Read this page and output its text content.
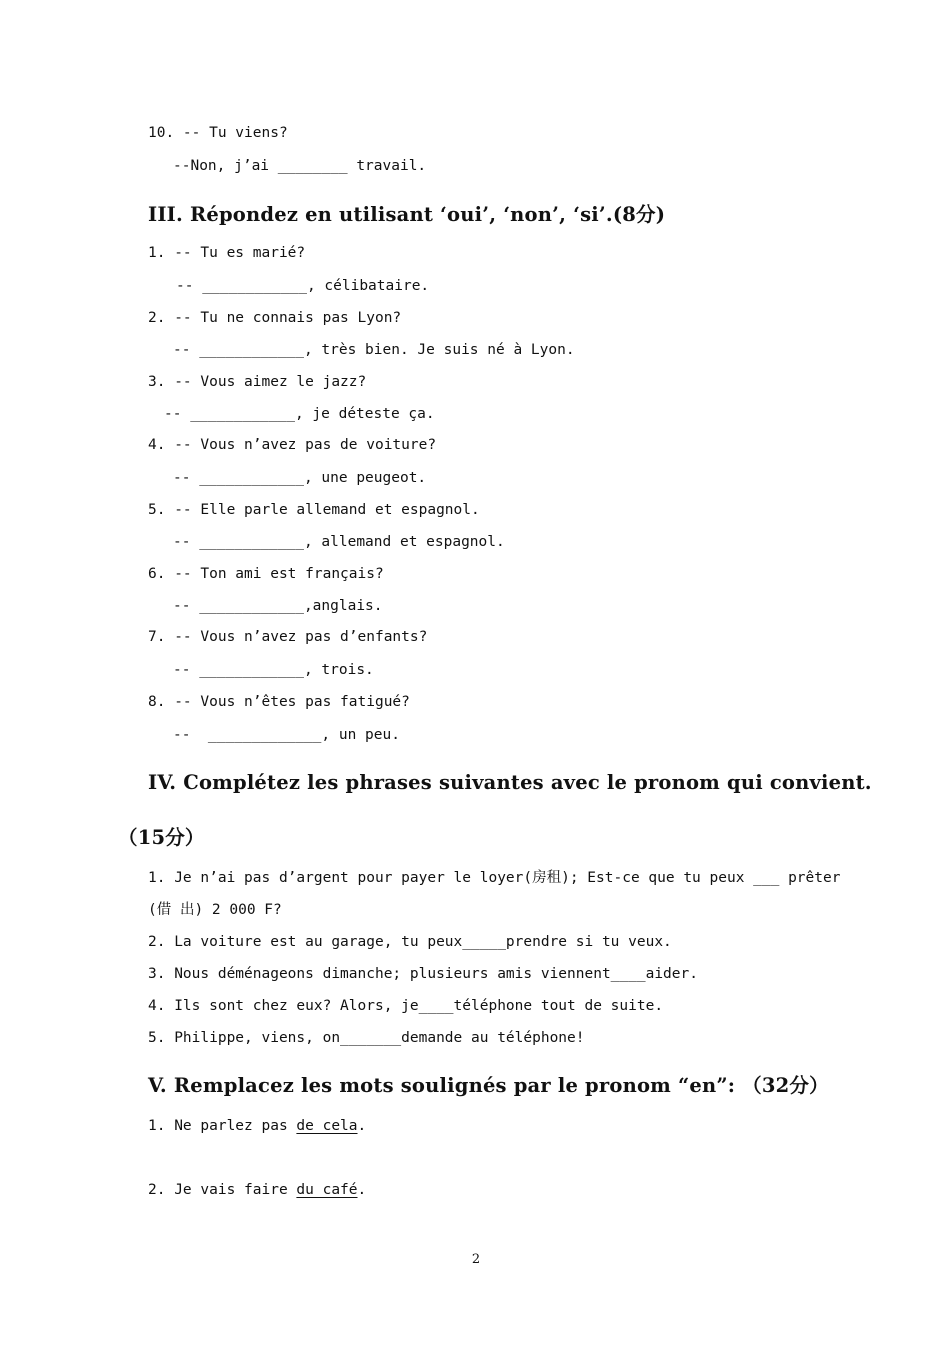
10. -- Tu viens?
--Non, j’ai ________ travail.
III. Répondez en utilisant ‘oui’, ‘non’, ‘si’.(8分)
1. -- Tu es marié?
-- ____________, célibataire.
2. -- Tu ne connais pas Lyon?
-- ____________, très bien. Je suis né à Lyon.
3. -- Vous aimez le jazz?
-- ____________, je déteste ça.
4. -- Vous n’avez pas de voiture?
-- ____________, une peugeot.
5. -- Elle parle allemand et espagnol.
-- ____________, allemand et espagnol.
6. -- Ton ami est français?
-- ____________,anglais.
7. -- Vous n’avez pas d’enfants?
-- ____________, trois.
8. -- Vous n’êtes pas fatigué?
--  _____________, un peu.
IV. Complétez les phrases suivantes avec le pronom qui convient.
（15分）
1. Je n’ai pas d’argent pour payer le loyer(房租); Est-ce que tu peux ___ prêter
(借 出) 2 000 F?
2. La voiture est au garage, tu peux_____prendre si tu veux.
3. Nous déménageons dimanche; plusieurs amis viennent____aider.
4. Ils sont chez eux? Alors, je____téléphone tout de suite.
5. Philippe, viens, on_______demande au téléphone!
V. Remplacez les mots soulignés par le pronom “en”: （32分）
1. Ne parlez pas de cela.
2. Je vais faire du café.
2
